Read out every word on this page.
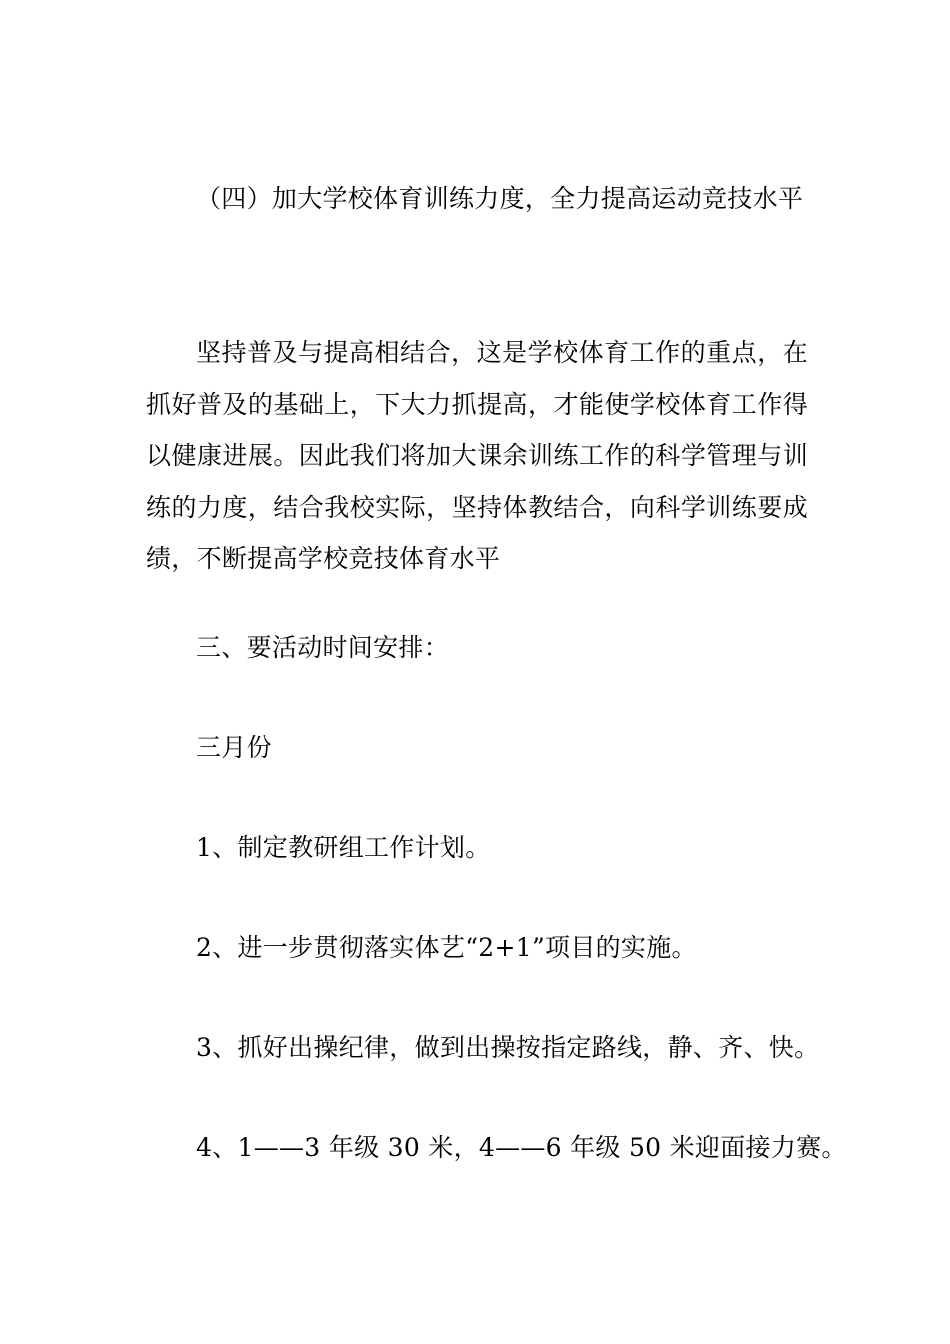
（四）加大学校体育训练力度，全力提高运动竞技水平

坚持普及与提高相结合，这是学校体育工作的重点，在抓好普及的基础上，下大力抓提高，才能使学校体育工作得以健康进展。因此我们将加大课余训练工作的科学管理与训练的力度，结合我校实际，坚持体教结合，向科学训练要成绩，不断提高学校竞技体育水平

三、要活动时间安排：

三月份

1、制定教研组工作计划。

2、进一步贯彻落实体艺“2+1”项目的实施。

3、抓好出操纪律，做到出操按指定路线，静、齐、快。

4、1——3 年级 30 米，4——6 年级 50 米迎面接力赛。
